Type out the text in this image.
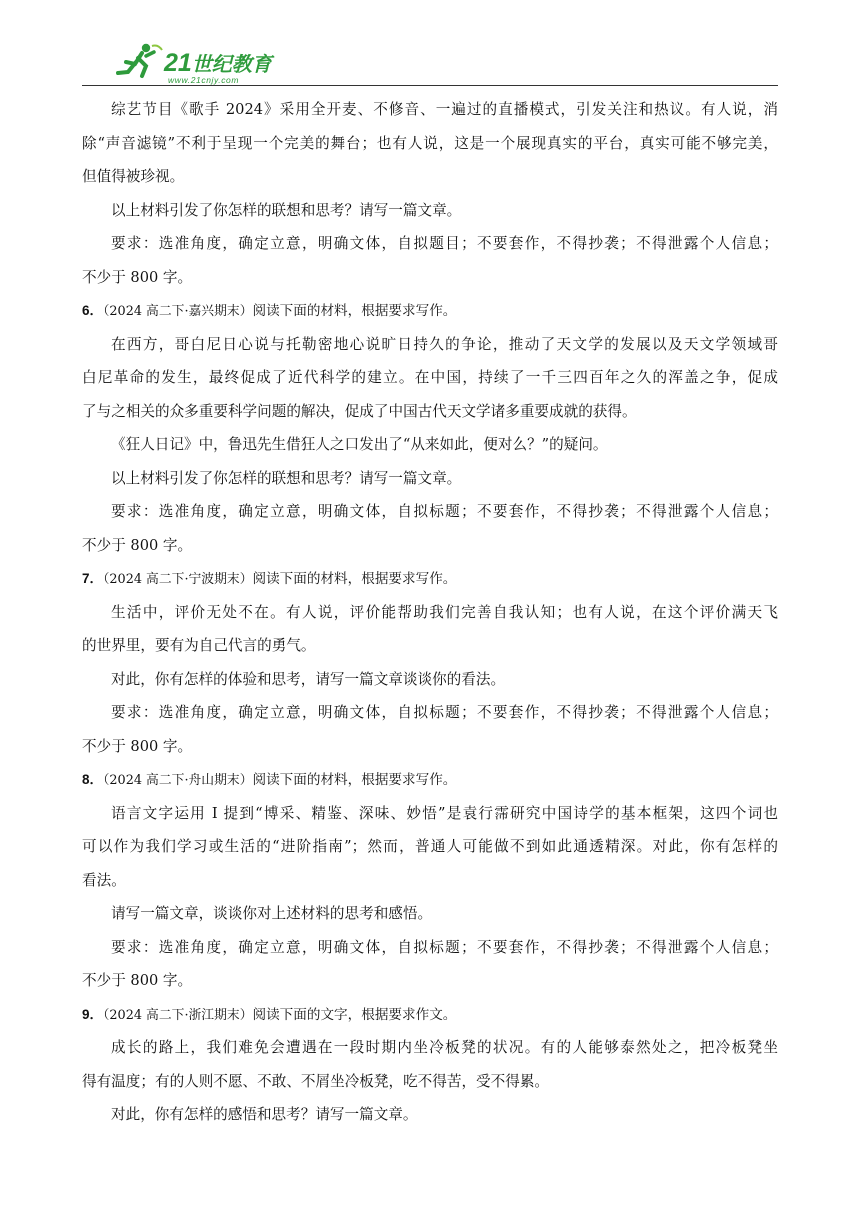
21世纪教育
www.21cnjy.com
综艺节目《歌手 2024》采用全开麦、不修音、一遍过的直播模式，引发关注和热议。有人说，消
除“声音滤镜”不利于呈现一个完美的舞台；也有人说，这是一个展现真实的平台，真实可能不够完美，
但值得被珍视。
以上材料引发了你怎样的联想和思考？请写一篇文章。
要求：选准角度，确定立意，明确文体，自拟题目；不要套作，不得抄袭；不得泄露个人信息；
不少于 800 字。
6．（2024 高二下·嘉兴期末）阅读下面的材料，根据要求写作。
在西方，哥白尼日心说与托勒密地心说旷日持久的争论，推动了天文学的发展以及天文学领域哥
白尼革命的发生，最终促成了近代科学的建立。在中国，持续了一千三四百年之久的浑盖之争，促成
了与之相关的众多重要科学问题的解决，促成了中国古代天文学诸多重要成就的获得。
《狂人日记》中，鲁迅先生借狂人之口发出了“从来如此，便对么？”的疑问。
以上材料引发了你怎样的联想和思考？请写一篇文章。
要求：选准角度，确定立意，明确文体，自拟标题；不要套作，不得抄袭；不得泄露个人信息；
不少于 800 字。
7．（2024 高二下·宁波期末）阅读下面的材料，根据要求写作。
生活中，评价无处不在。有人说，评价能帮助我们完善自我认知；也有人说，在这个评价满天飞
的世界里，要有为自己代言的勇气。
对此，你有怎样的体验和思考，请写一篇文章谈谈你的看法。
要求：选准角度，确定立意，明确文体，自拟标题；不要套作，不得抄袭；不得泄露个人信息；
不少于 800 字。
8．（2024 高二下·舟山期末）阅读下面的材料，根据要求写作。
语言文字运用 I 提到“博采、精鉴、深味、妙悟”是袁行霈研究中国诗学的基本框架，这四个词也
可以作为我们学习或生活的“进阶指南”；然而，普通人可能做不到如此通透精深。对此，你有怎样的
看法。
请写一篇文章，谈谈你对上述材料的思考和感悟。
要求：选准角度，确定立意，明确文体，自拟标题；不要套作，不得抄袭；不得泄露个人信息；
不少于 800 字。
9．（2024 高二下·浙江期末）阅读下面的文字，根据要求作文。
成长的路上，我们难免会遭遇在一段时期内坐冷板凳的状况。有的人能够泰然处之，把冷板凳坐
得有温度；有的人则不愿、不敢、不屑坐冷板凳，吃不得苦，受不得累。
对此，你有怎样的感悟和思考？请写一篇文章。
